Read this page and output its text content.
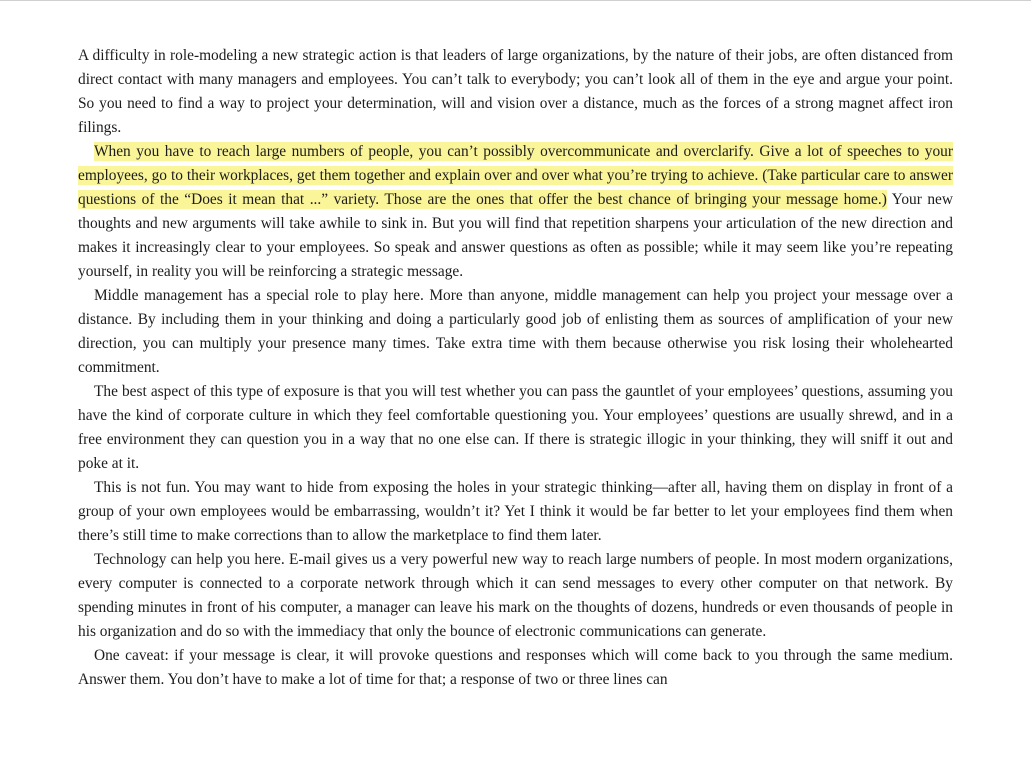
A difficulty in role-modeling a new strategic action is that leaders of large organizations, by the nature of their jobs, are often distanced from direct contact with many managers and employees. You can’t talk to everybody; you can’t look all of them in the eye and argue your point. So you need to find a way to project your determination, will and vision over a distance, much as the forces of a strong magnet affect iron filings.

When you have to reach large numbers of people, you can’t possibly overcommunicate and overclarify. Give a lot of speeches to your employees, go to their workplaces, get them together and explain over and over what you’re trying to achieve. (Take particular care to answer questions of the “Does it mean that ...” variety. Those are the ones that offer the best chance of bringing your message home.) Your new thoughts and new arguments will take awhile to sink in. But you will find that repetition sharpens your articulation of the new direction and makes it increasingly clear to your employees. So speak and answer questions as often as possible; while it may seem like you’re repeating yourself, in reality you will be reinforcing a strategic message.

Middle management has a special role to play here. More than anyone, middle management can help you project your message over a distance. By including them in your thinking and doing a particularly good job of enlisting them as sources of amplification of your new direction, you can multiply your presence many times. Take extra time with them because otherwise you risk losing their wholehearted commitment.

The best aspect of this type of exposure is that you will test whether you can pass the gauntlet of your employees’ questions, assuming you have the kind of corporate culture in which they feel comfortable questioning you. Your employees’ questions are usually shrewd, and in a free environment they can question you in a way that no one else can. If there is strategic illogic in your thinking, they will sniff it out and poke at it.

This is not fun. You may want to hide from exposing the holes in your strategic thinking—after all, having them on display in front of a group of your own employees would be embarrassing, wouldn’t it? Yet I think it would be far better to let your employees find them when there’s still time to make corrections than to allow the marketplace to find them later.

Technology can help you here. E-mail gives us a very powerful new way to reach large numbers of people. In most modern organizations, every computer is connected to a corporate network through which it can send messages to every other computer on that network. By spending minutes in front of his computer, a manager can leave his mark on the thoughts of dozens, hundreds or even thousands of people in his organization and do so with the immediacy that only the bounce of electronic communications can generate.

One caveat: if your message is clear, it will provoke questions and responses which will come back to you through the same medium. Answer them. You don’t have to make a lot of time for that; a response of two or three lines can
